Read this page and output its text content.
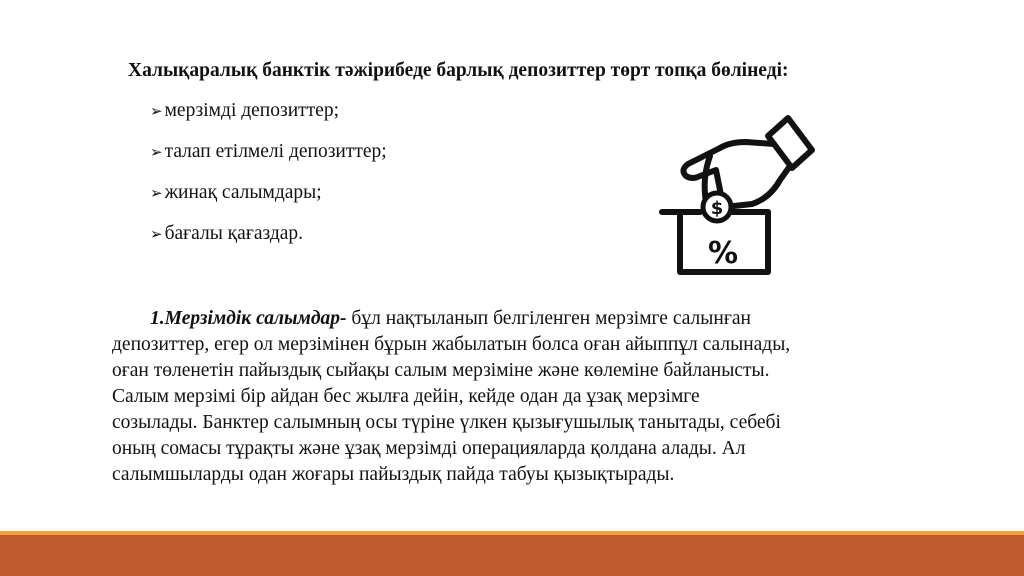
Халықаралық банктік тәжірибеде барлық депозиттер төрт топқа бөлінеді:
➢ мерзімді депозиттер;
➢ талап етілмелі депозиттер;
➢ жинақ салымдары;
➢ бағалы қағаздар.
$
%
1.Мерзімдік салымдар- бұл нақтыланып белгіленген мерзімге салынған
депозиттер, егер ол мерзімінен бұрын жабылатын болса оған айыппұл салынады,
оған төленетін пайыздық сыйақы салым мерзіміне және көлеміне байланысты.
Салым мерзімі бір айдан бес жылға дейін, кейде одан да ұзақ мерзімге
созылады. Банктер салымның осы түріне үлкен қызығушылық танытады, себебі
оның сомасы тұрақты және ұзақ мерзімді операцияларда қолдана алады. Ал
салымшыларды одан жоғары пайыздық пайда табуы қызықтырады.
